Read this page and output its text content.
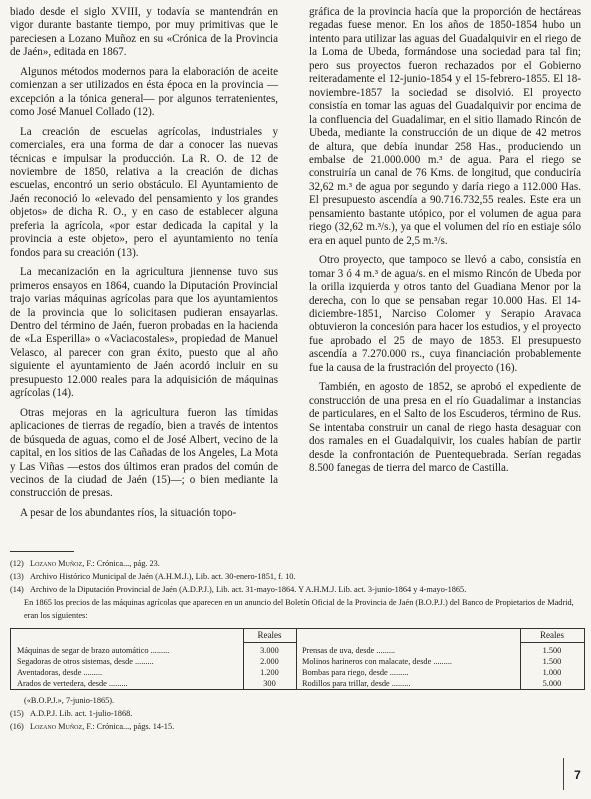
biado desde el siglo XVIII, y todavía se mantendrán en vigor durante bastante tiempo, por muy primitivas que le pareciesen a Lozano Muñoz en su «Crónica de la Provincia de Jaén», editada en 1867.

Algunos métodos modernos para la elaboración de aceite comienzan a ser utilizados en ésta época en la provincia —excepción a la tónica general— por algunos terratenientes, como José Manuel Collado (12).

La creación de escuelas agrícolas, industriales y comerciales, era una forma de dar a conocer las nuevas técnicas e impulsar la producción. La R. O. de 12 de noviembre de 1850, relativa a la creación de dichas escuelas, encontró un serio obstáculo. El Ayuntamiento de Jaén reconoció lo «elevado del pensamiento y los grandes objetos» de dicha R. O., y en caso de establecer alguna preferia la agrícola, «por estar dedicada la capital y la provincia a este objeto», pero el ayuntamiento no tenía fondos para su creación (13).

La mecanización en la agricultura jiennense tuvo sus primeros ensayos en 1864, cuando la Diputación Provincial trajo varias máquinas agrícolas para que los ayuntamientos de la provincia que lo solicitasen pudieran ensayarlas. Dentro del término de Jaén, fueron probadas en la hacienda de «La Esperilla» o «Vaciacostales», propiedad de Manuel Velasco, al parecer con gran éxito, puesto que al año siguiente el ayuntamiento de Jaén acordó incluir en su presupuesto 12.000 reales para la adquisición de máquinas agrícolas (14).

Otras mejoras en la agricultura fueron las tímidas aplicaciones de tierras de regadío, bien a través de intentos de búsqueda de aguas, como el de José Albert, vecino de la capital, en los sitios de las Cañadas de los Angeles, La Mota y Las Viñas —estos dos últimos eran prados del común de vecinos de la ciudad de Jaén (15)—; o bien mediante la construcción de presas.

A pesar de los abundantes ríos, la situación topo-

gráfica de la provincia hacía que la proporción de hectáreas regadas fuese menor. En los años de 1850-1854 hubo un intento para utilizar las aguas del Guadalquivir en el riego de la Loma de Ubeda, formándose una sociedad para tal fin; pero sus proyectos fueron rechazados por el Gobierno reiteradamente el 12-junio-1854 y el 15-febrero-1855. El 18-noviembre-1857 la sociedad se disolvió. El proyecto consistía en tomar las aguas del Guadalquivir por encima de la confluencia del Guadalimar, en el sitio llamado Rincón de Ubeda, mediante la construcción de un dique de 42 metros de altura, que debía inundar 258 Has., produciendo un embalse de 21.000.000 m.³ de agua. Para el riego se construiría un canal de 76 Kms. de longitud, que conduciría 32,62 m.³ de agua por segundo y daría riego a 112.000 Has. El presupuesto ascendía a 90.716.732,55 reales. Este era un pensamiento bastante utópico, por el volumen de agua para riego (32,62 m.³/s.), ya que el volumen del río en estiaje sólo era en aquel punto de 2,5 m.³/s.

Otro proyecto, que tampoco se llevó a cabo, consistía en tomar 3 ó 4 m.³ de agua/s. en el mismo Rincón de Ubeda por la orilla izquierda y otros tanto del Guadiana Menor por la derecha, con lo que se pensaban regar 10.000 Has. El 14-diciembre-1851, Narciso Colomer y Serapio Aravaca obtuvieron la concesión para hacer los estudios, y el proyecto fue aprobado el 25 de mayo de 1853. El presupuesto ascendía a 7.270.000 rs., cuya financiación probablemente fue la causa de la frustración del proyecto (16).

También, en agosto de 1852, se aprobó el expediente de construcción de una presa en el río Guadalimar a instancias de particulares, en el Salto de los Escuderos, término de Rus. Se intentaba construir un canal de riego hasta desaguar con dos ramales en el Guadalquivir, los cuales habían de partir desde la confrontación de Puentequebrada. Serían regadas 8.500 fanegas de tierra del marco de Castilla.

(12) Lozano Muñoz, F.: Crónica..., pág. 23.
(13) Archivo Histórico Municipal de Jaén (A.H.M.J.), Lib. act. 30-enero-1851, f. 10.
(14) Archivo de la Diputación Provincial de Jaén (A.D.P.J.), Lib. act. 31-mayo-1864. Y A.H.M.J. Lib. act. 3-junio-1864 y 4-mayo-1865.
En 1865 los precios de las máquinas agrícolas que aparecen en un anuncio del Boletín Oficial de la Provincia de Jaén (B.O.P.J.) del Banco de Propietarios de Madrid, eran los siguientes:
Reales
Máquinas de segar de brazo automático .........	3.000
Segadoras de otros sistemas, desde .........	2.000
Aventadoras, desde .........	1.200
Arados de vertedera, desde .........	300
Reales
Prensas de uva, desde .........	1.500
Molinos harineros con malacate, desde .........	1.500
Bombas para riego, desde .........	1.000
Rodillos para trillar, desde .........	5.000
(«B.O.P.J.», 7-junio-1865).
(15) A.D.P.J. Lib. act. 1-julio-1868.
(16) Lozano Muñoz, F.: Crónica..., págs. 14-15.
7
